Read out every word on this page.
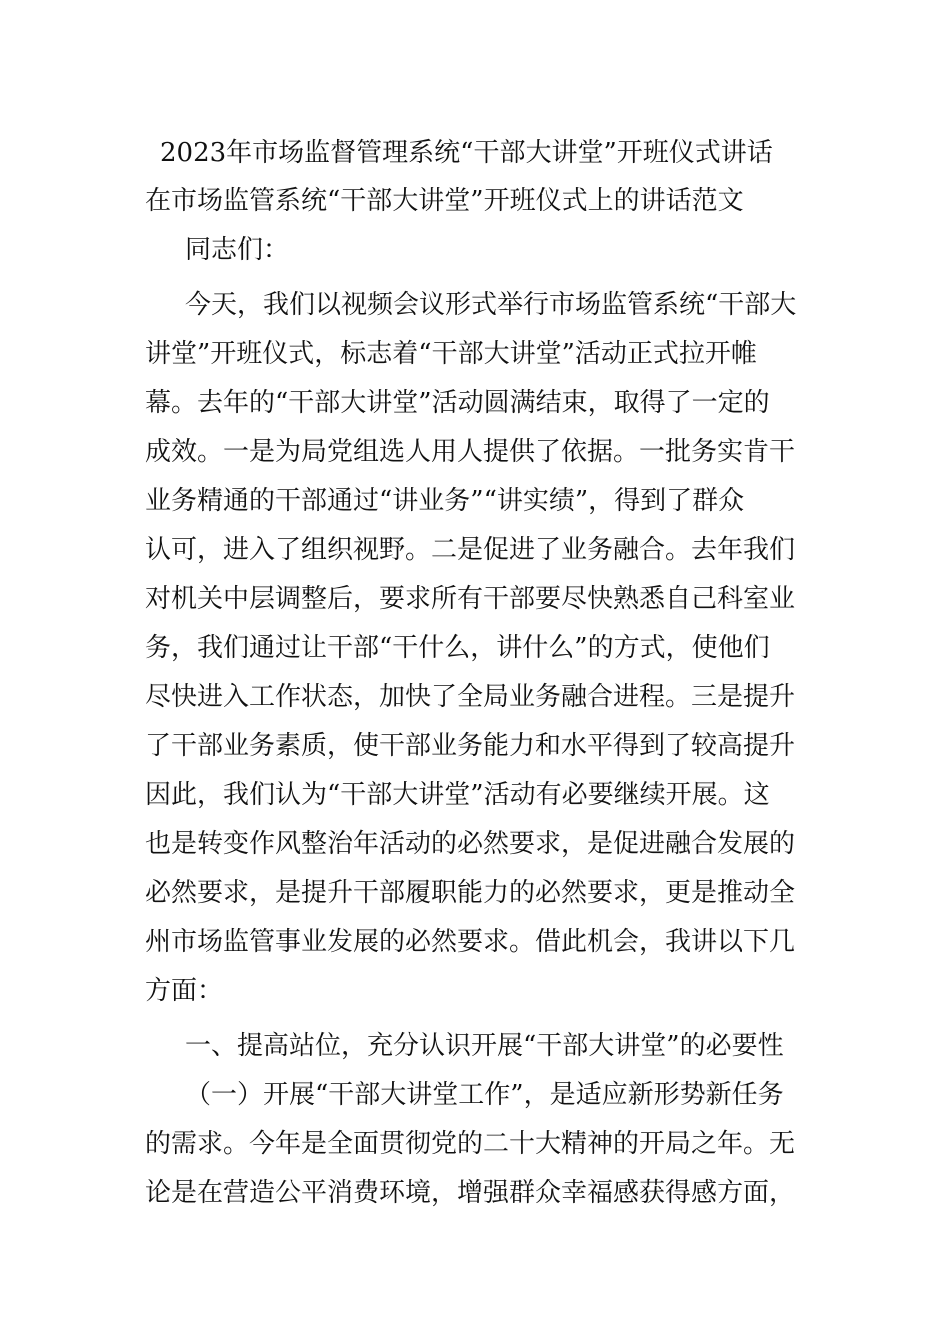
2023年市场监督管理系统“干部大讲堂”开班仪式讲话
在市场监管系统“干部大讲堂”开班仪式上的讲话范文
同志们：
今天，我们以视频会议形式举行市场监管系统“干部大
讲堂”开班仪式，标志着“干部大讲堂”活动正式拉开帷
幕。去年的“干部大讲堂”活动圆满结束，取得了一定的
成效。一是为局党组选人用人提供了依据。一批务实肯干
业务精通的干部通过“讲业务”“讲实绩”，得到了群众
认可，进入了组织视野。二是促进了业务融合。去年我们
对机关中层调整后，要求所有干部要尽快熟悉自己科室业
务，我们通过让干部“干什么，讲什么”的方式，使他们
尽快进入工作状态，加快了全局业务融合进程。三是提升
了干部业务素质，使干部业务能力和水平得到了较高提升
因此，我们认为“干部大讲堂”活动有必要继续开展。这
也是转变作风整治年活动的必然要求，是促进融合发展的
必然要求，是提升干部履职能力的必然要求，更是推动全
州市场监管事业发展的必然要求。借此机会，我讲以下几
方面：
一、提高站位，充分认识开展“干部大讲堂”的必要性
（一）开展“干部大讲堂工作”，是适应新形势新任务
的需求。今年是全面贯彻党的二十大精神的开局之年。无
论是在营造公平消费环境，增强群众幸福感获得感方面，
